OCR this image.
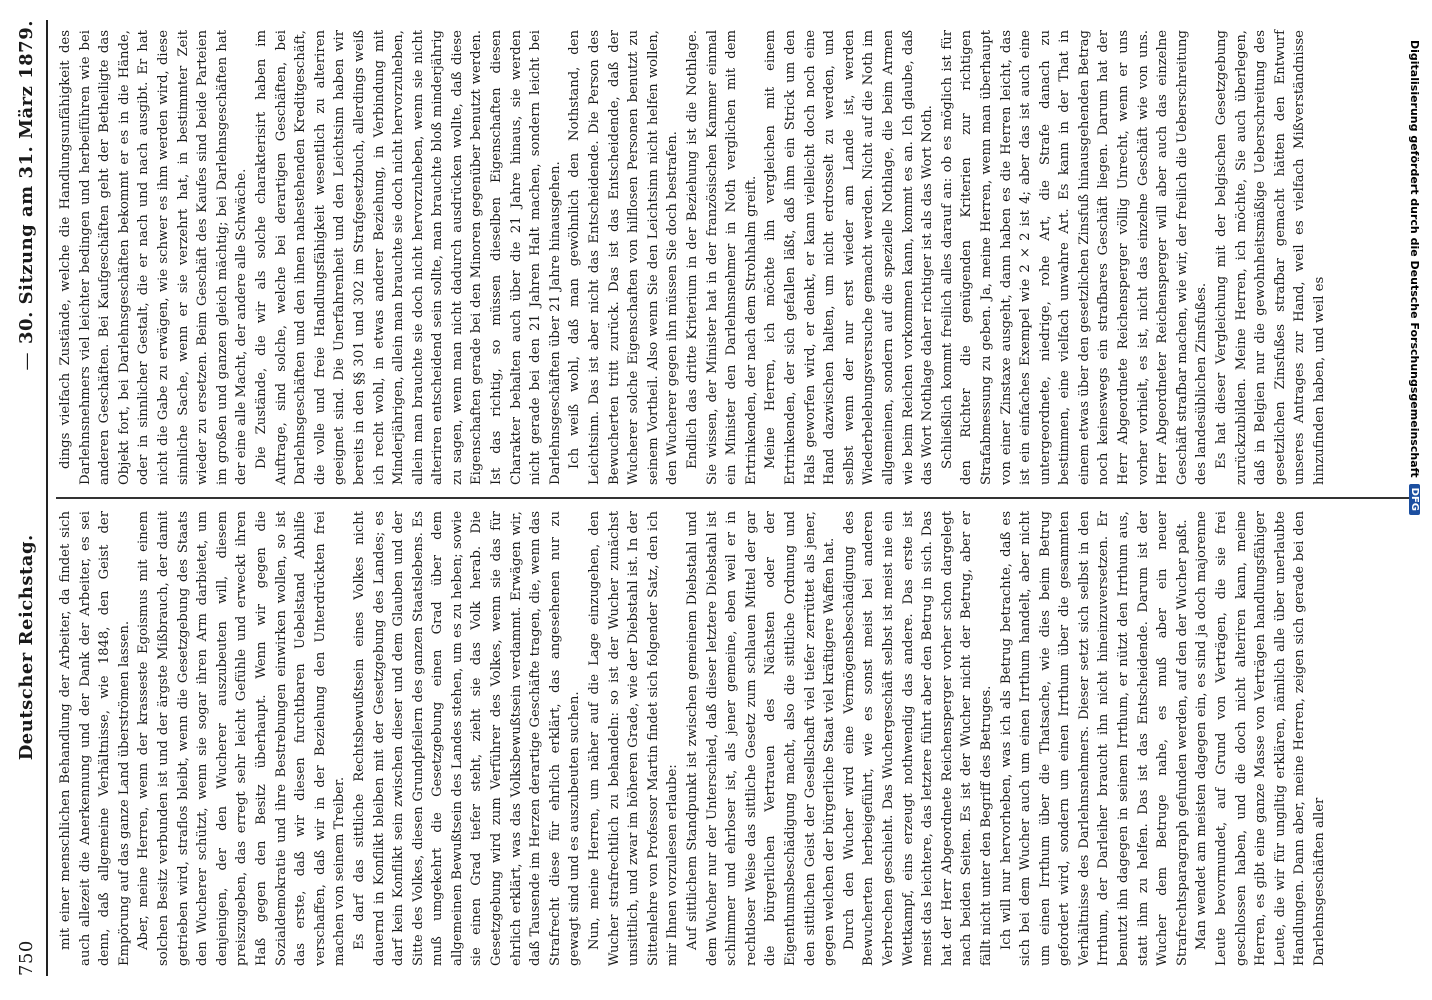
750
Deutscher Reichstag.
—
30. Sitzung am 31. März 1879.

mit einer menschlichen Behandlung der Arbeiter, da findet sich auch allezeit die Anerkennung und der Dank der Arbeiter, es sei denn, daß allgemeine Verhältnisse, wie 1848, den Geist der Empörung auf das ganze Land überströmen lassen. Aber, meine Herren, wenn der krasseste Egoismus mit einem solchen Besitz verbunden ist und der ärgste Mißbrauch, der damit getrieben wird, straflos bleibt, wenn die Gesetzgebung des Staats den Wucherer schützt, wenn sie sogar ihren Arm darbietet, um denjenigen, der den Wucherer auszubeuten will, diesem preiszugeben, das erregt sehr leicht Gefühle und erweckt ihren Haß gegen den Besitz überhaupt. Wenn wir gegen die Sozialdemokratie und ihre Bestrebungen einwirken wollen, so ist das erste, daß wir diesen furchtbaren Uebelstand Abhilfe verschaffen, daß wir in der Beziehung den Unterdrückten frei machen von seinem Treiber. Es darf das sittliche Rechtsbewußtsein eines Volkes nicht dauernd in Konflikt bleiben mit der Gesetzgebung des Landes; es darf kein Konflikt sein zwischen dieser und dem Glauben und der Sitte des Volkes, diesen Grundpfeilern des ganzen Staatslebens. Es muß umgekehrt die Gesetzgebung einen Grad über dem allgemeinen Bewußtsein des Landes stehen, um es zu heben; sowie sie einen Grad tiefer steht, zieht sie das Volk herab. Die Gesetzgebung wird zum Verführer des Volkes, wenn sie das für ehrlich erklärt, was das Volksbewußtsein verdammt. Erwägen wir, daß Tausende im Herzen derartige Geschäfte tragen, die, wenn das Strafrecht diese für ehrlich erklärt, das angesehenen nur zu gewagt sind und es auszubeuten suchen. Nun, meine Herren, um näher auf die Lage einzugehen, den Wucher strafrechtlich zu behandeln: so ist der Wucher zunächst unsittlich, und zwar im höheren Grade, wie der Diebstahl ist. In der Sittenlehre von Professor Martin findet sich folgender Satz, den ich mir Ihnen vorzulesen erlaube: Auf sittlichem Standpunkt ist zwischen gemeinem Diebstahl und dem Wucher nur der Unterschied, daß dieser letztere Diebstahl ist schlimmer und ehrloser ist, als jener gemeine, eben weil er in rechtloser Weise das sittliche Gesetz zum schlauen Mittel der gar die bürgerlichen Vertrauen des Nächsten oder der Eigenthumsbeschädigung macht, also die sittliche Ordnung und den sittlichen Geist der Gesellschaft viel tiefer zerrüttet als jener, gegen welchen der bürgerliche Staat viel kräftigere Waffen hat. Durch den Wucher wird eine Vermögensbeschädigung des Bewucherten herbeigeführt, wie es sonst meist bei anderen Verbrechen geschieht. Das Wuchergeschäft selbst ist meist nie ein Wettkampf, eins erzeugt nothwendig das andere. Das erste ist meist das leichtere, das letztere führt aber den Betrug in sich. Das hat der Herr Abgeordnete Reichensperger vorher schon dargelegt nach beiden Seiten. Es ist der Wucher nicht der Betrug, aber er fällt nicht unter den Begriff des Betruges. Ich will nur hervorheben, was ich als Betrug betrachte, daß es sich bei dem Wucher auch um einen Irrthum handelt, aber nicht um einen Irrthum über die Thatsache, wie dies beim Betrug gefordert wird, sondern um einen Irrthum über die gesammten Verhältnisse des Darlehnsnehmers. Dieser setzt sich selbst in den Irrthum, der Darleiher braucht ihn nicht hineinzuversetzen. Er benutzt ihn dagegen in seinem Irrthum, er nützt den Irrthum aus, statt ihm zu helfen. Das ist das Entscheidende. Darum ist der Wucher dem Betruge nahe, es muß aber ein neuer Strafrechtsparagraph gefunden werden, auf den der Wucher paßt. Man wendet am meisten dagegen ein, es sind ja doch majorenne Leute bevormundet, auf Grund von Verträgen, die sie frei geschlossen haben, und die doch nicht alteriren kann, meine Herren, es gibt eine ganze Masse von Verträgen handlungsfähiger Leute, die wir für ungiltig erklären, nämlich alle über unerlaubte Handlungen. Dann aber, meine Herren, zeigen sich gerade bei den Darlehnsgeschäften aller

dings vielfach Zustände, welche die Handlungsunfähigkeit des Darlehnsnehmers viel leichter bedingen und herbeiführen wie bei anderen Geschäften. Bei Kaufgeschäften geht der Betheiligte das Objekt fort, bei Darlehnsgeschäften bekommt er es in die Hände, oder in sinnlicher Gestalt, die er nach und nach ausgibt. Er hat nicht die Gabe zu erwägen, wie schwer es ihm werden wird, diese sinnliche Sache, wenn er sie verzehrt hat, in bestimmter Zeit wieder zu ersetzen. Beim Geschäft des Kaufes sind beide Parteien im großen und ganzen gleich mächtig; bei Darlehnsgeschäften hat der eine alle Macht, der andere alle Schwäche. Die Zustände, die wir als solche charakterisirt haben im Auftrage, sind solche, welche bei derartigen Geschäften, bei Darlehnsgeschäften und den ihnen nahestehenden Kreditgeschäft, die volle und freie Handlungsfähigkeit wesentlich zu alteriren geeignet sind. Die Unerfahrenheit und den Leichtsinn haben wir bereits in den §§ 301 und 302 im Strafgesetzbuch, allerdings weiß ich recht wohl, in etwas anderer Beziehung, in Verbindung mit Minderjährigen, allein man brauchte sie doch nicht hervorzuheben, allein man brauchte sie doch nicht hervorzuheben, wenn sie nicht alteriren entscheidend sein sollte, man brauchte bloß minderjährig zu sagen, wenn man nicht dadurch ausdrücken wollte, daß diese Eigenschaften gerade bei den Minoren gegenüber benutzt werden. Ist das richtig, so müssen dieselben Eigenschaften diesen Charakter behalten auch über die 21 Jahre hinaus, sie werden nicht gerade bei den 21 Jahren Halt machen, sondern leicht bei Darlehnsgeschäften über 21 Jahre hinausgehen. Ich weiß wohl, daß man gewöhnlich den Nothstand, den Leichtsinn. Das ist aber nicht das Entscheidende. Die Person des Bewucherten tritt zurück. Das ist das Entscheidende, daß der Wucherer solche Eigenschaften von hilflosen Personen benutzt zu seinem Vortheil. Also wenn Sie den Leichtsinn nicht helfen wollen, den Wucherer gegen ihn müssen Sie doch bestrafen. Endlich das dritte Kriterium in der Beziehung ist die Nothlage. Sie wissen, der Minister hat in der französischen Kammer einmal ein Minister den Darlehnsnehmer in Noth verglichen mit dem Ertrinkenden, der nach dem Strohhalm greift. Meine Herren, ich möchte ihn vergleichen mit einem Ertrinkenden, der sich gefallen läßt, daß ihm ein Strick um den Hals geworfen wird, er denkt, er kann vielleicht doch noch eine Hand dazwischen halten, um nicht erdrosselt zu werden, und selbst wenn der nur erst wieder am Lande ist, werden Wiederbelebungsversuche gemacht werden. Nicht auf die Noth im allgemeinen, sondern auf die spezielle Nothlage, die beim Armen wie beim Reichen vorkommen kann, kommt es an. Ich glaube, daß das Wort Nothlage daher richtiger ist als das Wort Noth. Schließlich kommt freilich alles darauf an: ob es möglich ist für den Richter die genügenden Kriterien zur richtigen Strafabmessung zu geben. Ja, meine Herren, wenn man überhaupt von einer Zinstaxe ausgeht, dann haben es die Herren leicht, das ist ein einfaches Exempel wie 2 × 2 ist 4; aber das ist auch eine untergeordnete, niedrige, rohe Art, die Strafe danach zu bestimmen, eine vielfach unwahre Art. Es kann in der That in einem etwas über den gesetzlichen Zinsfuß hinausgehenden Betrag noch keineswegs ein strafbares Geschäft liegen. Darum hat der Herr Abgeordnete Reichensperger völlig Unrecht, wenn er uns vorher vorhielt, es ist, nicht das einzelne Geschäft wie von uns. Herr Abgeordneter Reichensperger will aber auch das einzelne Geschäft strafbar machen, wie wir, der freilich die Ueberschreitung des landesüblichen Zinsfußes. Es hat dieser Vergleichung mit der belgischen Gesetzgebung zurückzubilden. Meine Herren, ich möchte, Sie auch überlegen, daß in Belgien nur die gewohnheitsmäßige Ueberschreitung des gesetzlichen Zinsfußes strafbar gemacht hätten den Entwurf unseres Antrages zur Hand, weil es vielfach Mißverständnisse hinzufinden haben, und weil es	Digitalisierung gefördert durch die Deutsche Forschungsgemeinschaft
DFG
